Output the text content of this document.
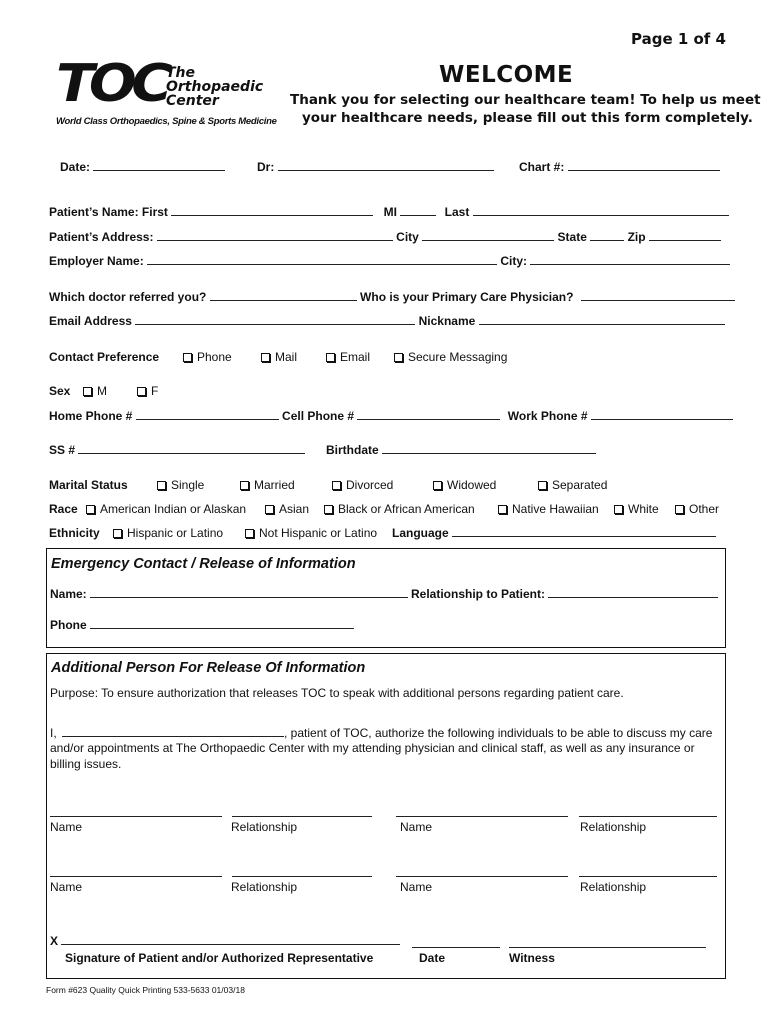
Page 1 of 4
TOC
The
Orthopaedic
Center
World Class Orthopaedics, Spine & Sports Medicine
WELCOME
Thank you for selecting our healthcare team! To help us meet
your healthcare needs, please fill out this form completely.
Date:	Dr:	Chart #:
Patient’s Name: First	MI	Last
Patient’s Address:	City	State	Zip
Employer Name:	City:
Which doctor referred you?	Who is your Primary Care Physician?
Email Address	Nickname
Contact Preference	Phone	Mail	Email	Secure Messaging
Sex	M	F
Home Phone #	Cell Phone #	Work Phone #
SS #	Birthdate
Marital Status	Single	Married	Divorced	Widowed	Separated
Race	American Indian or Alaskan	Asian	Black or African American	Native Hawaiian	White	Other
Ethnicity	Hispanic or Latino	Not Hispanic or Latino Language
Emergency Contact / Release of Information
Name:	Relationship to Patient:
Phone
Additional Person For Release Of Information
Purpose: To ensure authorization that releases TOC to speak with additional persons regarding patient care.
I,	, patient of TOC, authorize the following individuals to be able to discuss my care
and/or appointments at The Orthopaedic Center with my attending physician and clinical staff, as well as any insurance or
billing issues.
Name	Relationship	Name	Relationship
Name	Relationship	Name	Relationship
X
Signature of Patient and/or Authorized Representative	Date	Witness
Form #623 Quality Quick Printing 533-5633 01/03/18
